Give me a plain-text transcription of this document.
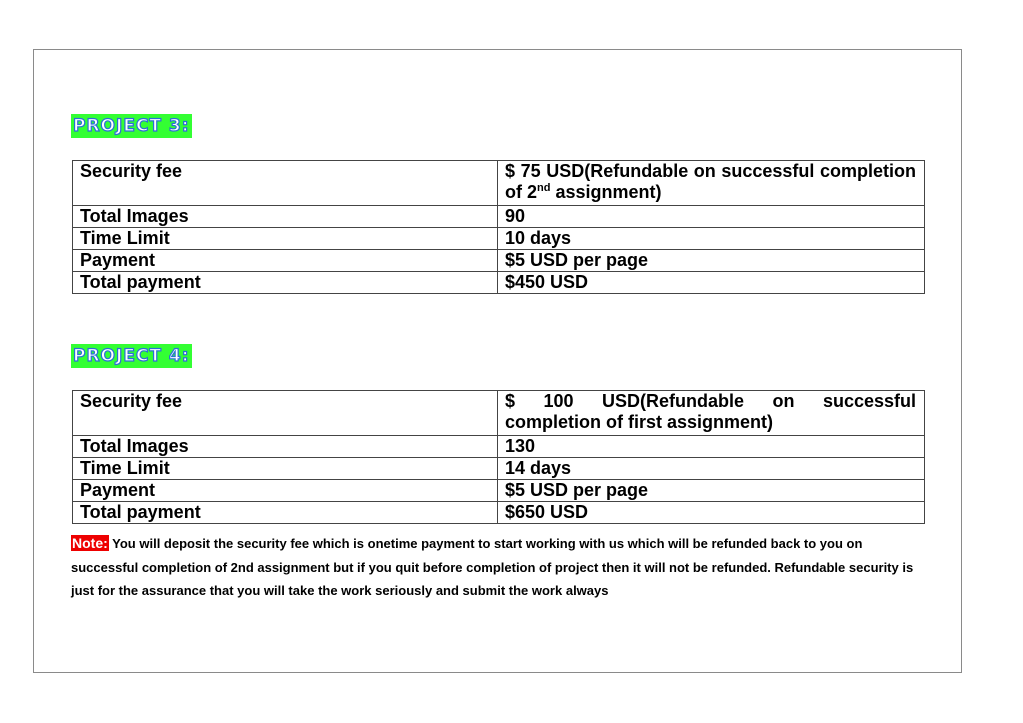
PROJECT 3:
Security fee	$ 75 USD(Refundable on successful completion of 2nd assignment)
Total Images	90
Time Limit	10 days
Payment	$5 USD per page
Total payment	$450 USD
PROJECT 4:
Security fee	$ 100 USD(Refundable on successful completion of first assignment)
Total Images	130
Time Limit	14 days
Payment	$5 USD per page
Total payment	$650 USD
Note: You will deposit the security fee which is onetime payment to start working with us which will be refunded back to you on successful completion of 2nd assignment but if you quit before completion of project then it will not be refunded. Refundable security is just for the assurance that you will take the work seriously and submit the work always
